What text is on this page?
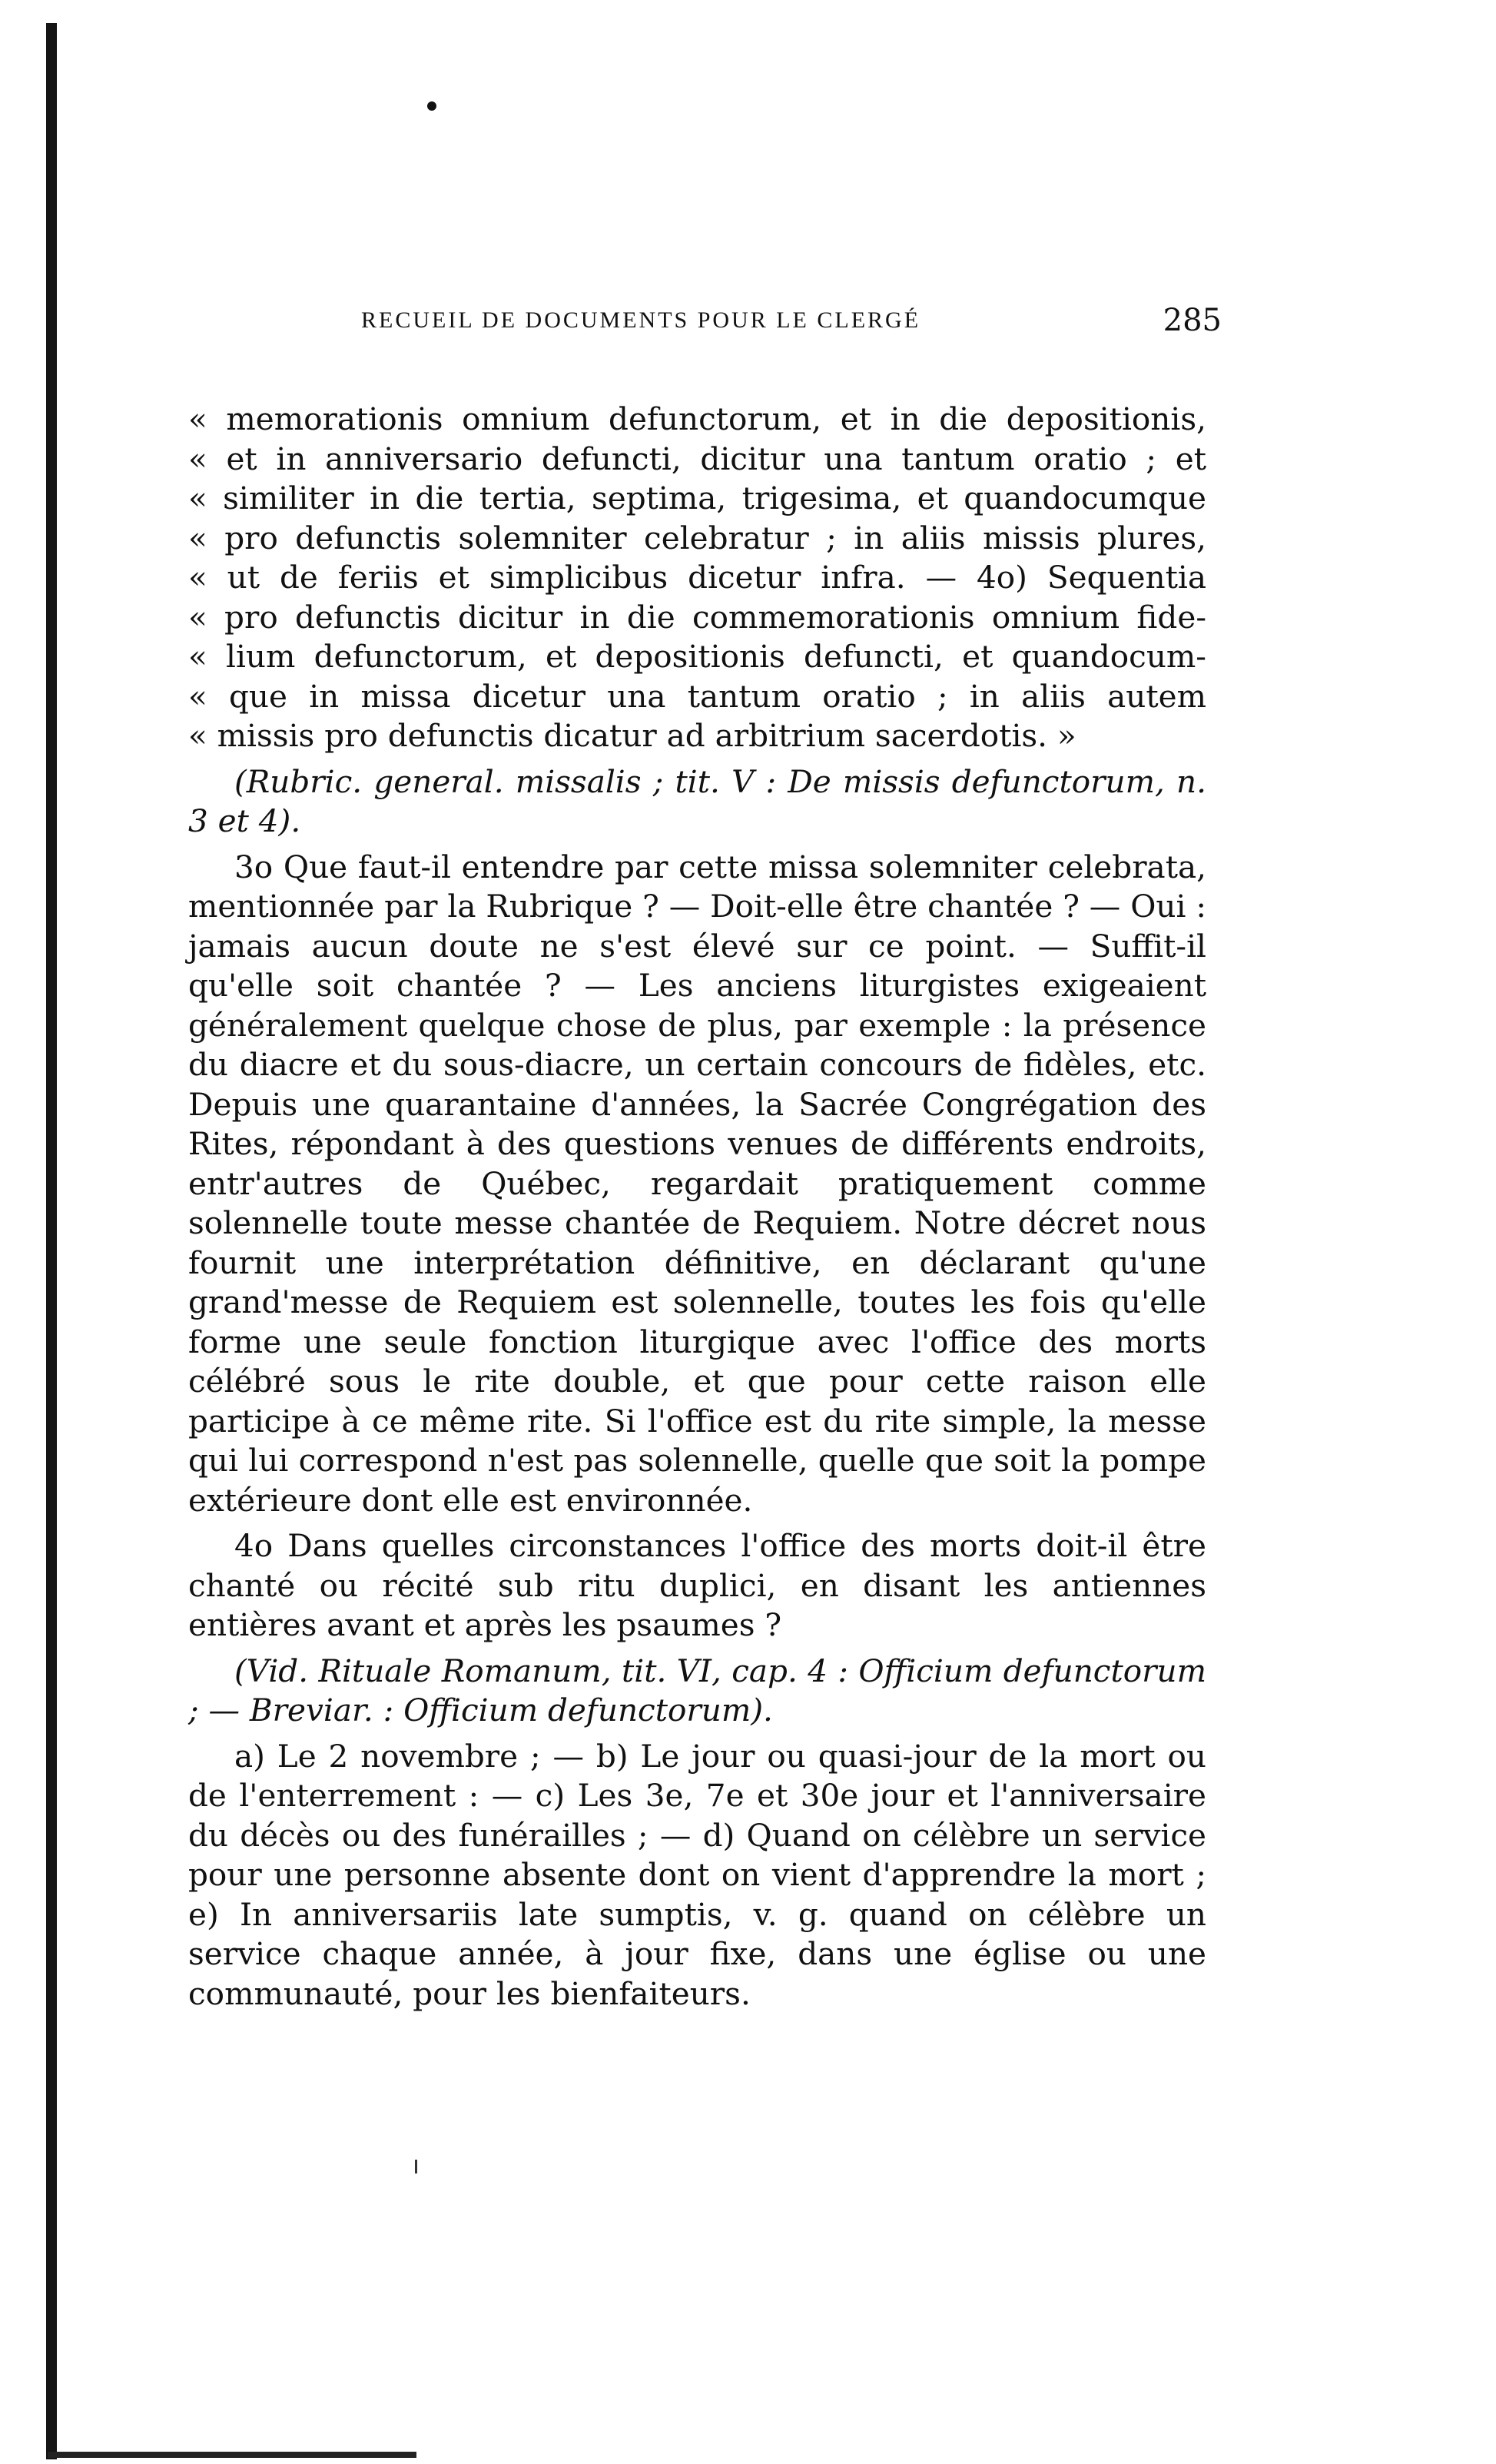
RECUEIL DE DOCUMENTS POUR LE CLERGÉ	285
« memorationis omnium defunctorum, et in die depositionis,
« et in anniversario defuncti, dicitur una tantum oratio ; et
« similiter in die tertia, septima, trigesima, et quandocumque
« pro defunctis solemniter celebratur ; in aliis missis plures,
« ut de feriis et simplicibus dicetur infra. — 4o) Sequentia
« pro defunctis dicitur in die commemorationis omnium fide-
« lium defunctorum, et depositionis defuncti, et quandocum-
« que in missa dicetur una tantum oratio ; in aliis autem
« missis pro defunctis dicatur ad arbitrium sacerdotis. »

(Rubric. general. missalis ; tit. V : De missis defunctorum, n. 3 et 4).

3o Que faut-il entendre par cette missa solemniter celebrata, mentionnée par la Rubrique ? — Doit-elle être chantée ? — Oui : jamais aucun doute ne s'est élevé sur ce point. — Suffit-il qu'elle soit chantée ? — Les anciens liturgistes exigeaient généralement quelque chose de plus, par exemple : la présence du diacre et du sous-diacre, un certain concours de fidèles, etc. Depuis une quarantaine d'années, la Sacrée Congrégation des Rites, répondant à des questions venues de différents endroits, entr'autres de Québec, regardait pratiquement comme solennelle toute messe chantée de Requiem. Notre décret nous fournit une interprétation définitive, en déclarant qu'une grand'messe de Requiem est solennelle, toutes les fois qu'elle forme une seule fonction liturgique avec l'office des morts célébré sous le rite double, et que pour cette raison elle participe à ce même rite. Si l'office est du rite simple, la messe qui lui correspond n'est pas solennelle, quelle que soit la pompe extérieure dont elle est environnée.

4o Dans quelles circonstances l'office des morts doit-il être chanté ou récité sub ritu duplici, en disant les antiennes entières avant et après les psaumes ?

(Vid. Rituale Romanum, tit. VI, cap. 4 : Officium defunctorum ; — Breviar. : Officium defunctorum).

a) Le 2 novembre ; — b) Le jour ou quasi-jour de la mort ou de l'enterrement : — c) Les 3e, 7e et 30e jour et l'anniversaire du décès ou des funérailles ; — d) Quand on célèbre un service pour une personne absente dont on vient d'apprendre la mort ; e) In anniversariis late sumptis, v. g. quand on célèbre un service chaque année, à jour fixe, dans une église ou une communauté, pour les bienfaiteurs.
